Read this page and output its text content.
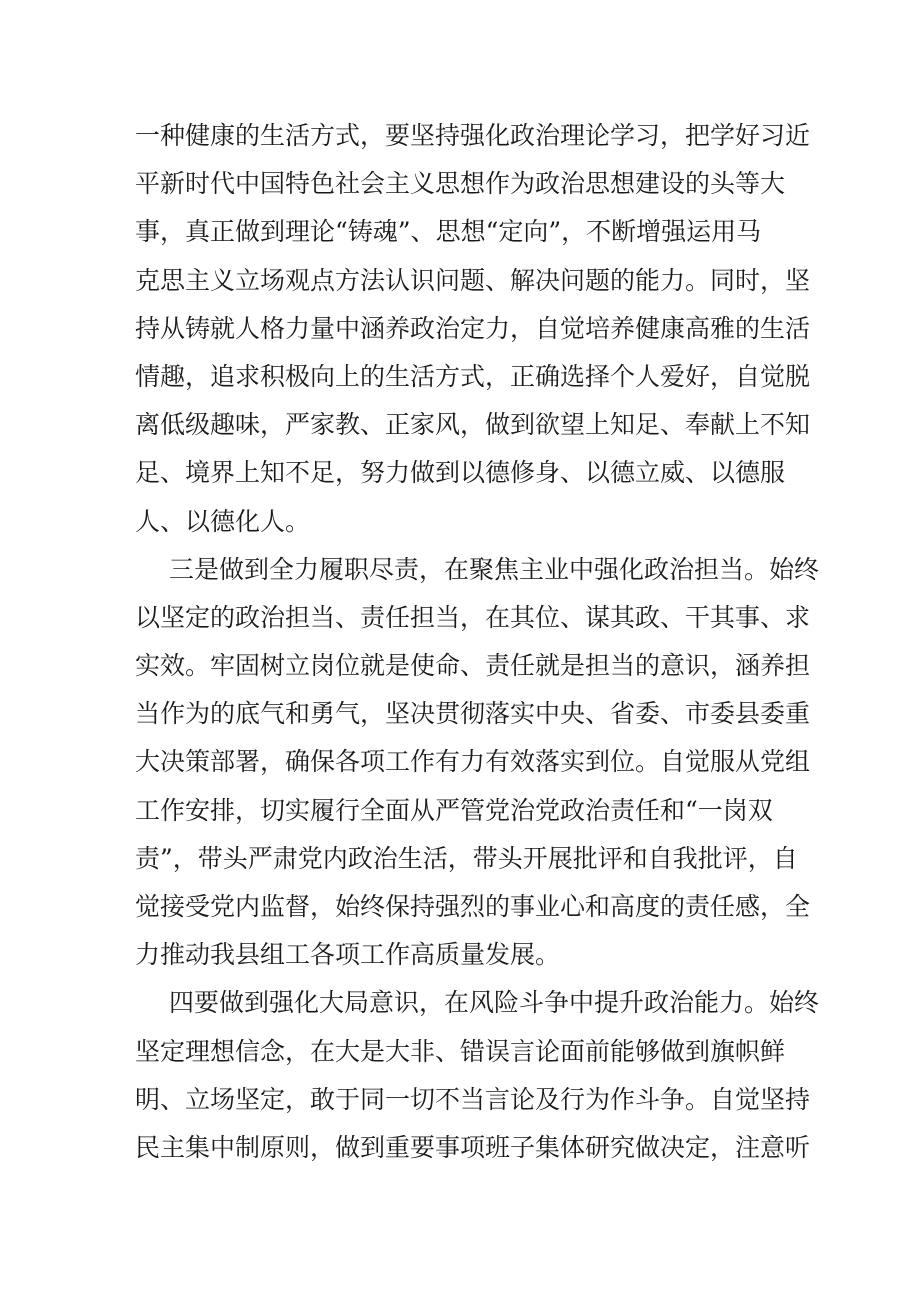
一种健康的生活方式，要坚持强化政治理论学习，把学好习近
平新时代中国特色社会主义思想作为政治思想建设的头等大
事，真正做到理论“铸魂”、思想“定向”，不断增强运用马
克思主义立场观点方法认识问题、解决问题的能力。同时，坚
持从铸就人格力量中涵养政治定力，自觉培养健康高雅的生活
情趣，追求积极向上的生活方式，正确选择个人爱好，自觉脱
离低级趣味，严家教、正家风，做到欲望上知足、奉献上不知
足、境界上知不足，努力做到以德修身、以德立威、以德服
人、以德化人。
三是做到全力履职尽责，在聚焦主业中强化政治担当。始终
以坚定的政治担当、责任担当，在其位、谋其政、干其事、求
实效。牢固树立岗位就是使命、责任就是担当的意识，涵养担
当作为的底气和勇气，坚决贯彻落实中央、省委、市委县委重
大决策部署，确保各项工作有力有效落实到位。自觉服从党组
工作安排，切实履行全面从严管党治党政治责任和“一岗双
责”，带头严肃党内政治生活，带头开展批评和自我批评，自
觉接受党内监督，始终保持强烈的事业心和高度的责任感，全
力推动我县组工各项工作高质量发展。
四要做到强化大局意识，在风险斗争中提升政治能力。始终
坚定理想信念，在大是大非、错误言论面前能够做到旗帜鲜
明、立场坚定，敢于同一切不当言论及行为作斗争。自觉坚持
民主集中制原则，做到重要事项班子集体研究做决定，注意听
